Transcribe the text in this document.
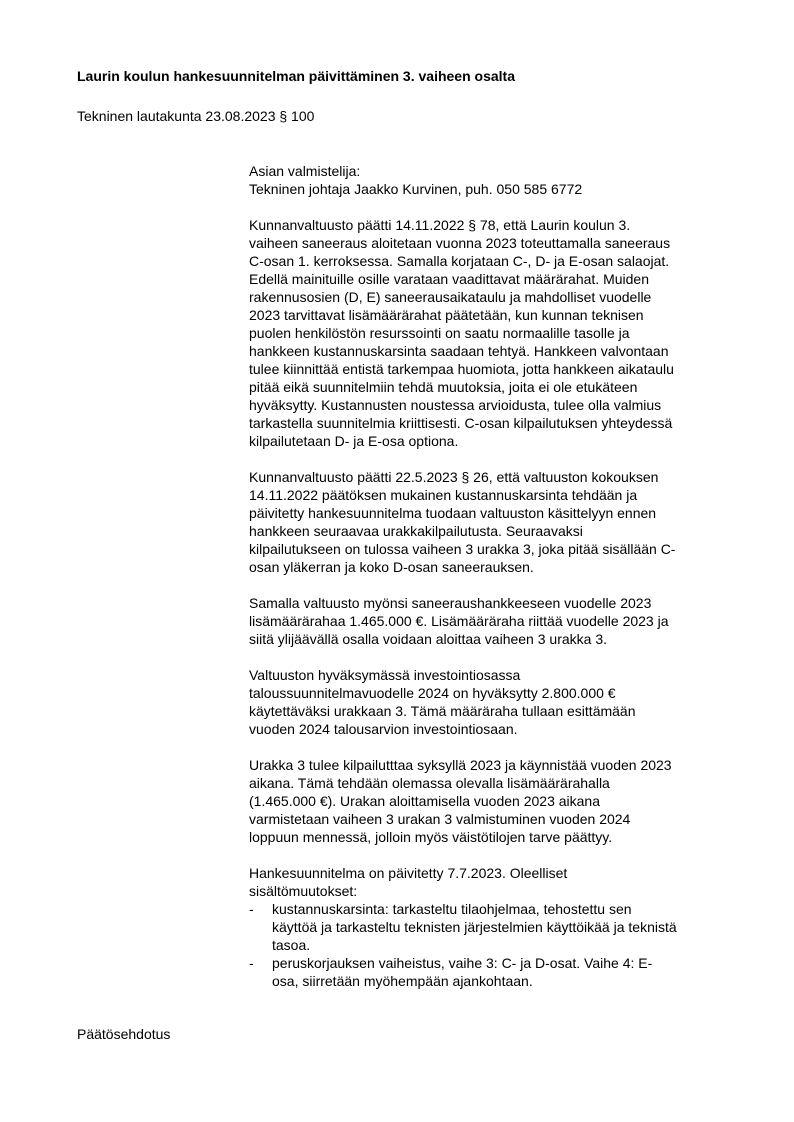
Laurin koulun hankesuunnitelman päivittäminen 3. vaiheen osalta

Tekninen lautakunta 23.08.2023 § 100

Asian valmistelija:
Tekninen johtaja Jaakko Kurvinen, puh. 050 585 6772

Kunnanvaltuusto päätti 14.11.2022 § 78, että Laurin koulun 3.
vaiheen saneeraus aloitetaan vuonna 2023 toteuttamalla saneeraus
C-osan 1. kerroksessa. Samalla korjataan C-, D- ja E-osan salaojat.
Edellä mainituille osille varataan vaadittavat määrärahat. Muiden
rakennusosien (D, E) saneerausaikataulu ja mahdolliset vuodelle
2023 tarvittavat lisämäärärahat päätetään, kun kunnan teknisen
puolen henkilöstön resurssointi on saatu normaalille tasolle ja
hankkeen kustannuskarsinta saadaan tehtyä. Hankkeen valvontaan
tulee kiinnittää entistä tarkempaa huomiota, jotta hankkeen aikataulu
pitää eikä suunnitelmiin tehdä muutoksia, joita ei ole etukäteen
hyväksytty. Kustannusten noustessa arvioidusta, tulee olla valmius
tarkastella suunnitelmia kriittisesti. C-osan kilpailutuksen yhteydessä
kilpailutetaan D- ja E-osa optiona.

Kunnanvaltuusto päätti 22.5.2023 § 26, että valtuuston kokouksen
14.11.2022 päätöksen mukainen kustannuskarsinta tehdään ja
päivitetty hankesuunnitelma tuodaan valtuuston käsittelyyn ennen
hankkeen seuraavaa urakkakilpailutusta. Seuraavaksi
kilpailutukseen on tulossa vaiheen 3 urakka 3, joka pitää sisällään C-
osan yläkerran ja koko D-osan saneerauksen.

Samalla valtuusto myönsi saneeraushankkeeseen vuodelle 2023
lisämäärärahaa 1.465.000 €. Lisämääräraha riittää vuodelle 2023 ja
siitä ylijäävällä osalla voidaan aloittaa vaiheen 3 urakka 3.

Valtuuston hyväksymässä investointiosassa
taloussuunnitelmavuodelle 2024 on hyväksytty 2.800.000 €
käytettäväksi urakkaan 3. Tämä määräraha tullaan esittämään
vuoden 2024 talousarvion investointiosaan.

Urakka 3 tulee kilpailutttaa syksyllä 2023 ja käynnistää vuoden 2023
aikana. Tämä tehdään olemassa olevalla lisämäärärahalla
(1.465.000 €). Urakan aloittamisella vuoden 2023 aikana
varmistetaan vaiheen 3 urakan 3 valmistuminen vuoden 2024
loppuun mennessä, jolloin myös väistötilojen tarve päättyy.

Hankesuunnitelma on päivitetty 7.7.2023. Oleelliset
sisältömuutokset:
- kustannuskarsinta: tarkasteltu tilaohjelmaa, tehostettu sen
käyttöä ja tarkasteltu teknisten järjestelmien käyttöikää ja teknistä
tasoa.
- peruskorjauksen vaiheistus, vaihe 3: C- ja D-osat. Vaihe 4: E-
osa, siirretään myöhempään ajankohtaan.

Päätösehdotus
